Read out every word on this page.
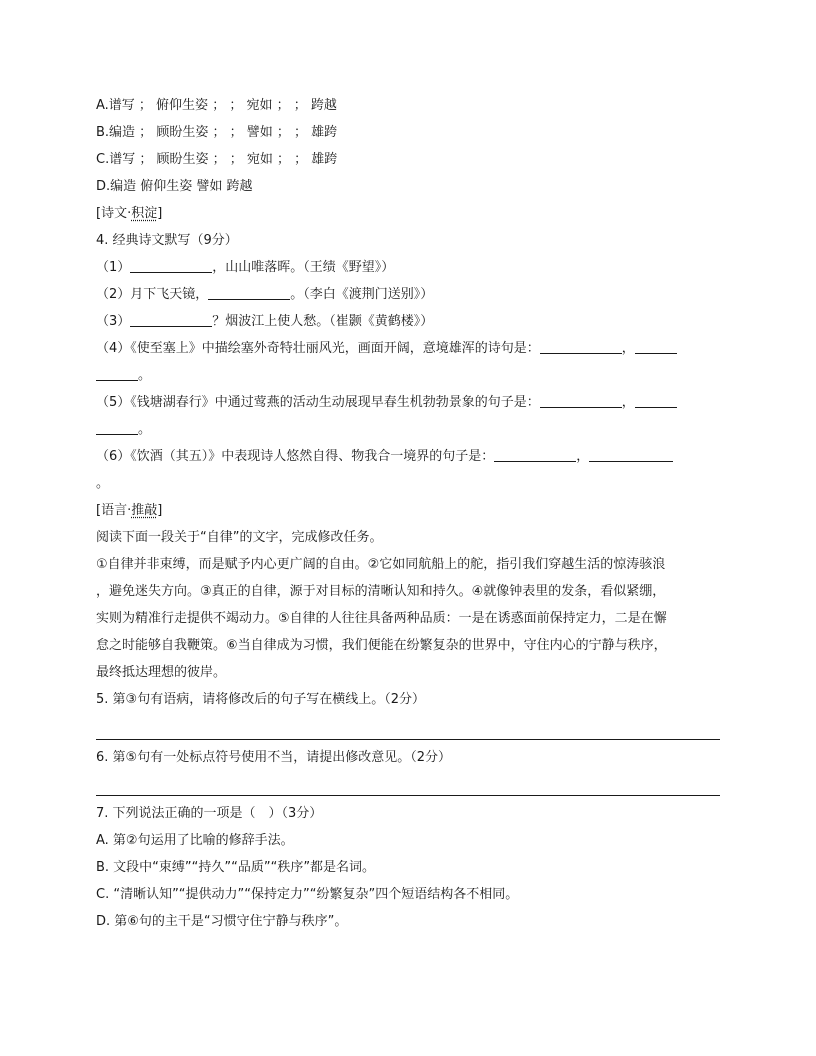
A.谱写 ； 俯仰生姿 ； ； 宛如 ； ； 跨越
B.编造 ； 顾盼生姿 ； ； 譬如 ； ； 雄跨
C.谱写 ； 顾盼生姿 ； ； 宛如 ； ； 雄跨
D.编造 俯仰生姿 譬如 跨越
[诗文·积淀]
4. 经典诗文默写（9分）
（1）	，山山唯落晖。（王绩《野望》）
（2）月下飞天镜，	。（李白《渡荆门送别》）
（3）	？烟波江上使人愁。（崔颢《黄鹤楼》）
（4）《使至塞上》中描绘塞外奇特壮丽风光，画面开阔，意境雄浑的诗句是：	，
。
（5）《钱塘湖春行》中通过莺燕的活动生动展现早春生机勃勃景象的句子是：	，
。
（6）《饮酒（其五）》中表现诗人悠然自得、物我合一境界的句子是：	，
。
[语言·推敲]
阅读下面一段关于“自律”的文字，完成修改任务。
①自律并非束缚，而是赋予内心更广阔的自由。②它如同航船上的舵，指引我们穿越生活的惊涛骇浪
，避免迷失方向。③真正的自律，源于对目标的清晰认知和持久。④就像钟表里的发条，看似紧绷，
实则为精准行走提供不竭动力。⑤自律的人往往具备两种品质：一是在诱惑面前保持定力，二是在懈
怠之时能够自我鞭策。⑥当自律成为习惯，我们便能在纷繁复杂的世界中，守住内心的宁静与秩序，
最终抵达理想的彼岸。
5. 第③句有语病，请将修改后的句子写在横线上。（2分）
6. 第⑤句有一处标点符号使用不当，请提出修改意见。（2分）
7. 下列说法正确的一项是（　）（3分）
A. 第②句运用了比喻的修辞手法。
B. 文段中“束缚”“持久”“品质”“秩序”都是名词。
C. “清晰认知”“提供动力”“保持定力”“纷繁复杂”四个短语结构各不相同。
D. 第⑥句的主干是“习惯守住宁静与秩序”。
